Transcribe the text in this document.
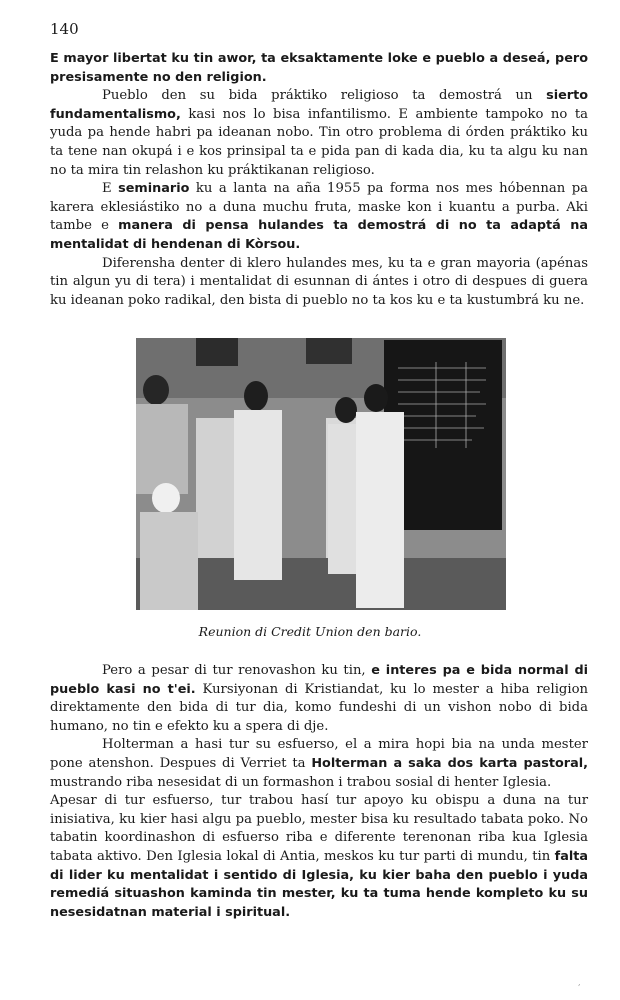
140

E mayor libertat ku tin awor, ta eksaktamente loke e pueblo a deseá, pero presisamente no den religion.

Pueblo den su bida práktiko religioso ta demostrá un sierto fundamentalismo, kasi nos lo bisa infantilismo. E ambiente tampoko no ta yuda pa hende habri pa ideanan nobo. Tin otro problema di órden práktiko ku ta tene nan okupá i e kos prinsipal ta e pida pan di kada dia, ku ta algu ku nan no ta mira tin relashon ku práktikanan religioso.

E seminario ku a lanta na aña 1955 pa forma nos mes hóbennan pa karera eklesiástiko no a duna muchu fruta, maske kon i kuantu a purba. Aki tambe e manera di pensa hulandes ta demostrá di no ta adaptá na mentalidat di hendenan di Kòrsou.

Diferensha denter di klero hulandes mes, ku ta e gran mayoria (apénas tin algun yu di tera) i mentalidat di esunnan di ántes i otro di despues di guera ku ideanan poko radikal, den bista di pueblo no ta kos ku e ta kustumbrá ku ne.

Reunion di Credit Union den bario.

Pero a pesar di tur renovashon ku tin, e interes pa e bida normal di pueblo kasi no t'ei. Kursiyonan di Kristiandat, ku lo mester a hiba religion direktamente den bida di tur dia, komo fundeshi di un vishon nobo di bida humano, no tin e efekto ku a spera di dje.

Holterman a hasi tur su esfuerso, el a mira hopi bia na unda mester pone atenshon. Despues di Verriet ta Holterman a saka dos karta pastoral, mustrando riba nesesidat di un formashon i trabou sosial di henter Iglesia.

Apesar di tur esfuerso, tur trabou hasí tur apoyo ku obispu a duna na tur inisiativa, ku kier hasi algu pa pueblo, mester bisa ku resultado tabata poko. No tabatin koordinashon di esfuerso riba e diferente terenonan riba kua Iglesia tabata aktivo. Den Iglesia lokal di Antia, meskos ku tur parti di mundu, tin falta di lider ku mentalidat i sentido di Iglesia, ku kier baha den pueblo i yuda remediá situashon kaminda tin mester, ku ta tuma hende kompleto ku su nesesidatnan material i spiritual.

,
